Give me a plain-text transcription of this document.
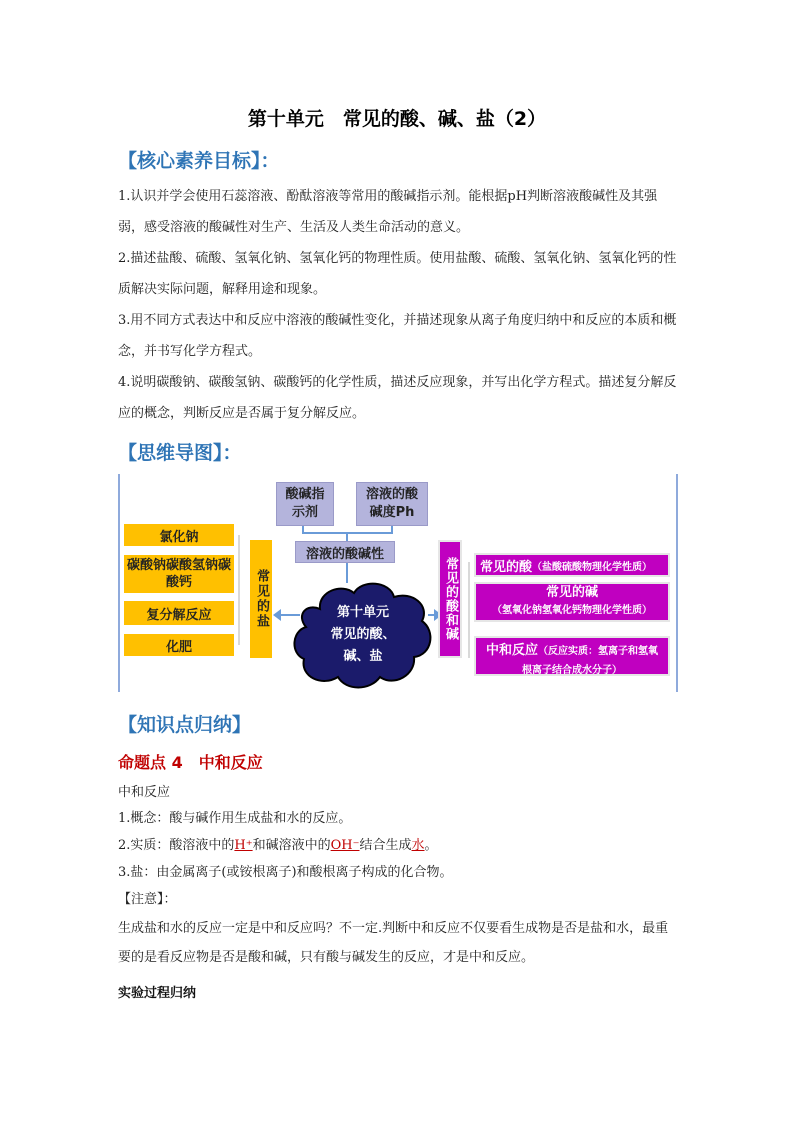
第十单元　常见的酸、碱、盐（2）
【核心素养目标】：

1.认识并学会使用石蕊溶液、酚酞溶液等常用的酸碱指示剂。能根据pH判断溶液酸碱性及其强弱，感受溶液的酸碱性对生产、生活及人类生命活动的意义。

2.描述盐酸、硫酸、氢氧化钠、氢氧化钙的物理性质。使用盐酸、硫酸、氢氧化钠、氢氧化钙的性质解决实际问题，解释用途和现象。

3.用不同方式表达中和反应中溶液的酸碱性变化，并描述现象从离子角度归纳中和反应的本质和概念，并书写化学方程式。

4.说明碳酸钠、碳酸氢钠、碳酸钙的化学性质，描述反应现象，并写出化学方程式。描述复分解反应的概念，判断反应是否属于复分解反应。

【思维导图】：
氯化钠
碳酸钠碳酸氢钠碳酸钙
复分解反应
化肥
常见的盐
酸碱指示剂
溶液的酸碱度Ph
溶液的酸碱性
第十单元
常见的酸、
碱、盐
常见的酸和碱 常见的酸 （盐酸硫酸物理化学性质）
常见的碱
（氢氧化钠氢氧化钙物理化学性质）
中和反应（反应实质：氢离子和氢氧根离子结合成水分子）
【知识点归纳】
命题点 4　中和反应
中和反应
1.概念：酸与碱作用生成盐和水的反应。
2.实质：酸溶液中的H⁺和碱溶液中的OH⁻结合生成水。
3.盐：由金属离子(或铵根离子)和酸根离子构成的化合物。
【注意】：
生成盐和水的反应一定是中和反应吗？不一定.判断中和反应不仅要看生成物是否是盐和水，最重要的是看反应物是否是酸和碱，只有酸与碱发生的反应，才是中和反应。
实验过程归纳
